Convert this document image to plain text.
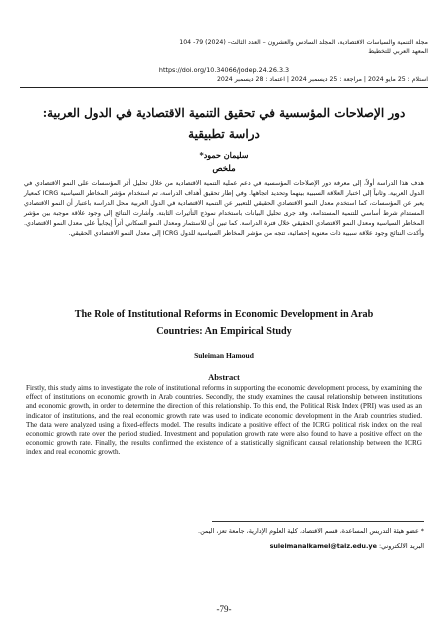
مجلة التنمية والسياسات الاقتصادية، المجلد السادس والعشرون – العدد الثالث– (2024) 79- 104
المعهد العربي للتخطيط
https://doi.org/10.34066/jodep.24.26.3.3
استلام : 25 مايو 2024 | مراجعة : 25 ديسمبر 2024 | اعتماد : 28 ديسمبر 2024
دور الإصلاحات المؤسسية في تحقيق التنمية الاقتصادية في الدول العربية:
دراسة تطبيقية
سليمان حمود*
ملخص
هدف هذا الدراسة أولاً، إلى معرفة دور الإصلاحات المؤسسية في دعم عملية التنمية الاقتصادية من خلال تحليل أثر المؤسسات على النمو الاقتصادي في الدول العربية. وثانياً إلى اختبار العلاقة السببية بينهما وتحديد اتجاهها. وفي إطار تحقيق أهداف الدراسة، تم استخدام مؤشر المخاطر السياسية ICRG كمعيار يعبر عن المؤسسات، كما استخدم معدل النمو الاقتصادي الحقيقي للتعبير عن التنمية الاقتصادية في الدول العربية محل الدراسة باعتبار أن النمو الاقتصادي المستدام شرط أساسي للتنمية المستدامة، وقد جرى تحليل البيانات باستخدام نموذج التأثيرات الثابتة. وأشارت النتائج إلى وجود علاقة موجبة بين مؤشر المخاطر السياسية ومعدل النمو الاقتصادي الحقيقي خلال فترة الدراسة. كما تبين أن للاستثمار ومعدل النمو السكاني أثراً إيجابياً على معدل النمو الاقتصادي. وأكدت النتائج وجود علاقة سببية ذات معنوية إحصائية، تتجه من مؤشر المخاطر السياسية للدول ICRG إلى معدل النمو الاقتصادي الحقيقي.
The Role of Institutional Reforms in Economic Development in Arab
Countries: An Empirical Study
Suleiman Hamoud
Abstract
Firstly, this study aims to investigate the role of institutional reforms in supporting the economic development process, by examining the effect of institutions on economic growth in Arab countries. Secondly, the study examines the causal relationship between institutions and economic growth, in order to determine the direction of this relationship. To this end, the Political Risk Index (PRI) was used as an indicator of institutions, and the real economic growth rate was used to indicate economic development in the Arab countries studied. The data were analyzed using a fixed-effects model. The results indicate a positive effect of the ICRG political risk index on the real economic growth rate over the period studied. Investment and population growth rate were also found to have a positive effect on the economic growth rate. Finally, the results confirmed the existence of a statistically significant causal relationship between the ICRG index and real economic growth.
* عضو هيئة التدريس المساعدة، قسم الاقتصاد، كلية العلوم الإدارية، جامعة تعز، اليمن.
البريد الالكتروني: suleimanalkamel@taiz.edu.ye
-79-
